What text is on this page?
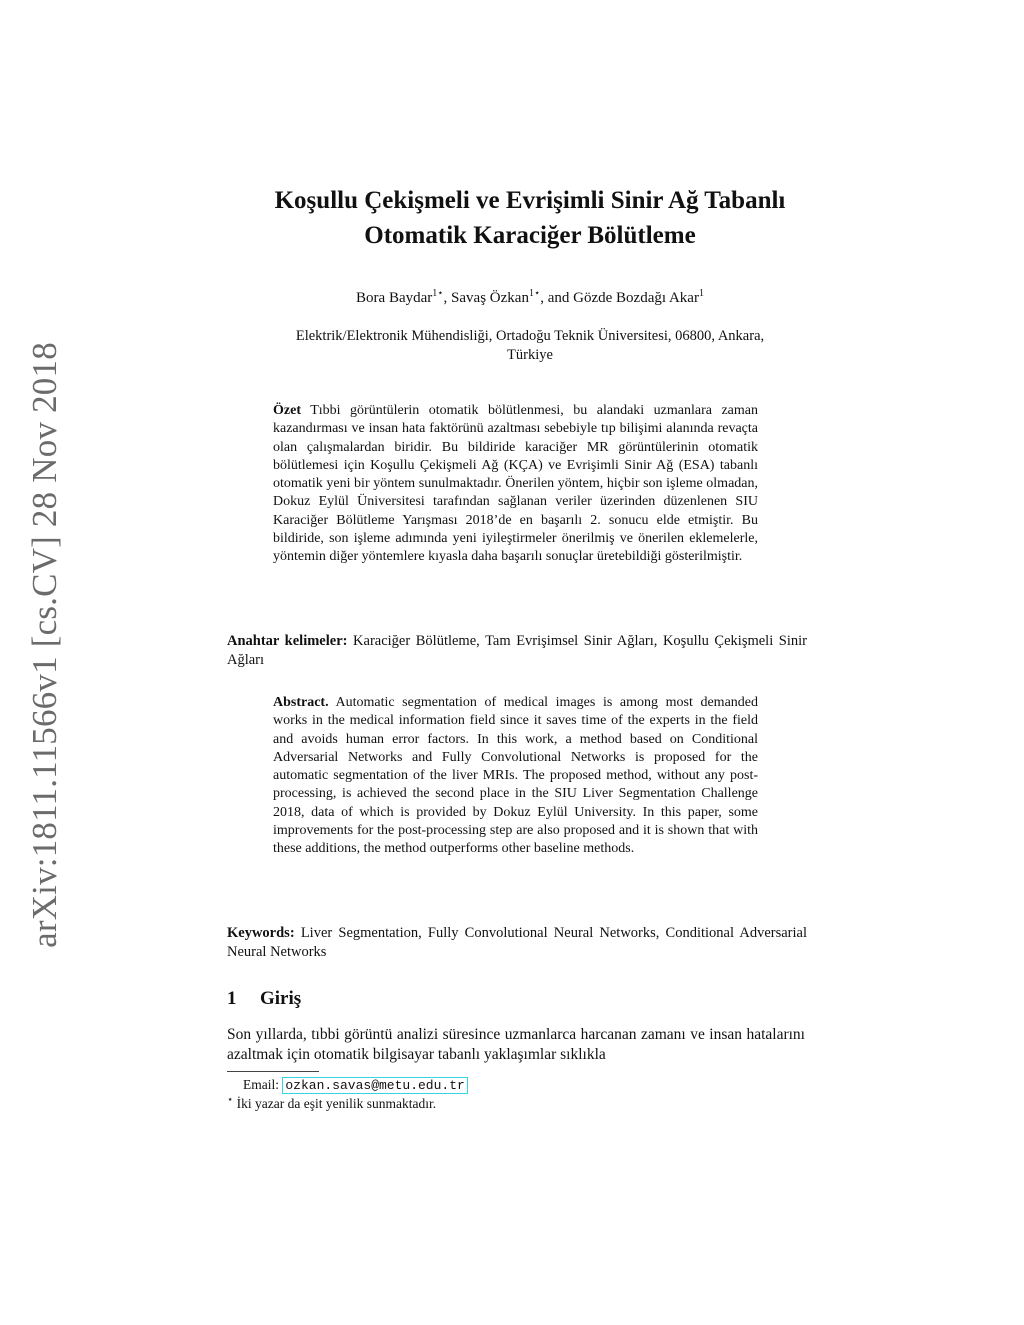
arXiv:1811.11566v1 [cs.CV] 28 Nov 2018
Koşullu Çekişmeli ve Evrişimli Sinir Ağ Tabanlı
Otomatik Karaciğer Bölütleme
Bora Baydar$^{1⋆}$, Savaş Özkan$^{1⋆}$, and Gözde Bozdağı Akar$^1$
Elektrik/Elektronik Mühendisliği, Ortadoğu Teknik Üniversitesi, 06800, Ankara,
Türkiye
Özet Tıbbi görüntülerin otomatik bölütlenmesi, bu alandaki uzmanlara zaman kazandırması ve insan hata faktörünü azaltması sebebiyle tıp bilişimi alanında revaçta olan çalışmalardan biridir. Bu bildiride karaciğer MR görüntülerinin otomatik bölütlemesi için Koşullu Çekişmeli Ağ (KÇA) ve Evrişimli Sinir Ağ (ESA) tabanlı otomatik yeni bir yöntem sunulmaktadır. Önerilen yöntem, hiçbir son işleme olmadan, Dokuz Eylül Üniversitesi tarafından sağlanan veriler üzerinden düzenlenen SIU Karaciğer Bölütleme Yarışması 2018’de en başarılı 2. sonucu elde etmiştir. Bu bildiride, son işleme adımında yeni iyileştirmeler önerilmiş ve önerilen eklemelerle, yöntemin diğer yöntemlere kıyasla daha başarılı sonuçlar üretebildiği gösterilmiştir.
Anahtar kelimeler: Karaciğer Bölütleme, Tam Evrişimsel Sinir Ağları, Koşullu Çekişmeli Sinir Ağları
Abstract. Automatic segmentation of medical images is among most demanded works in the medical information field since it saves time of the experts in the field and avoids human error factors. In this work, a method based on Conditional Adversarial Networks and Fully Convolutional Networks is proposed for the automatic segmentation of the liver MRIs. The proposed method, without any post-processing, is achieved the second place in the SIU Liver Segmentation Challenge 2018, data of which is provided by Dokuz Eylül University. In this paper, some improvements for the post-processing step are also proposed and it is shown that with these additions, the method outperforms other baseline methods.
Keywords: Liver Segmentation, Fully Convolutional Neural Networks, Conditional Adversarial Neural Networks
1 Giriş
Son yıllarda, tıbbi görüntü analizi süresince uzmanlarca harcanan zamanı ve insan hatalarını azaltmak için otomatik bilgisayar tabanlı yaklaşımlar sıklıkla
Email: ozkan.savas@metu.edu.tr
⋆ İki yazar da eşit yenilik sunmaktadır.
